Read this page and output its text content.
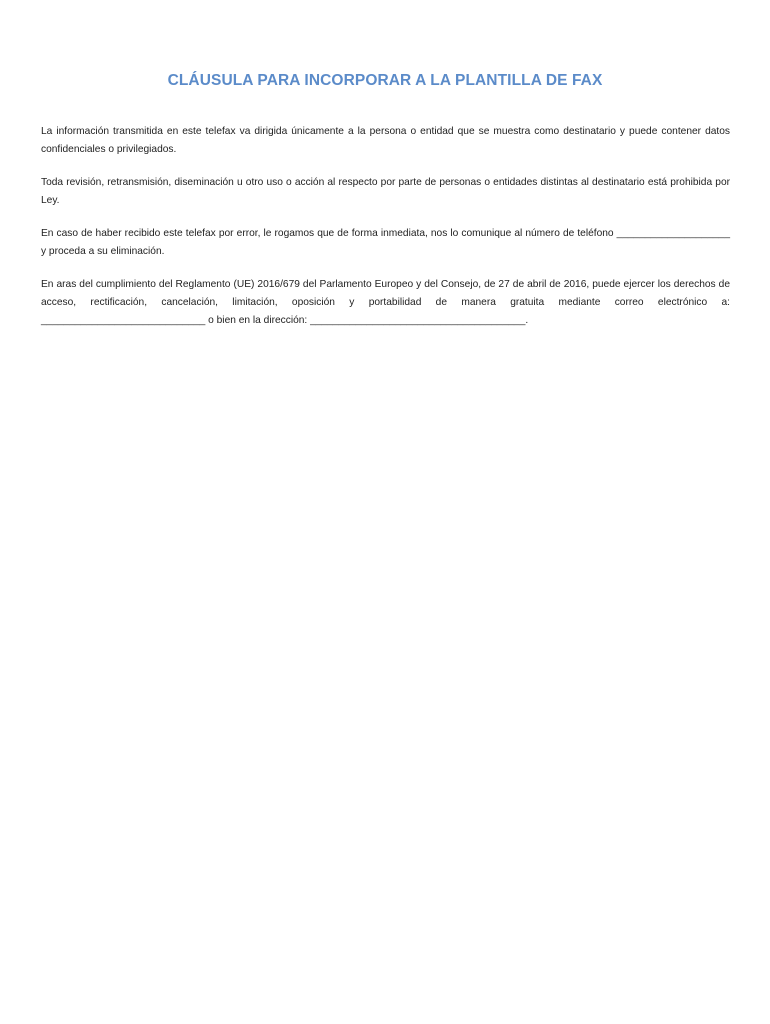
CLÁUSULA PARA INCORPORAR A LA PLANTILLA DE FAX

La información transmitida en este telefax va dirigida únicamente a la persona o entidad que se muestra como destinatario y puede contener datos confidenciales o privilegiados.

Toda revisión, retransmisión, diseminación u otro uso o acción al respecto por parte de personas o entidades distintas al destinatario está prohibida por Ley.

En caso de haber recibido este telefax por error, le rogamos que de forma inmediata, nos lo comunique al número de teléfono ____________________ y proceda a su eliminación.

En aras del cumplimiento del Reglamento (UE) 2016/679 del Parlamento Europeo y del Consejo, de 27 de abril de 2016, puede ejercer los derechos de acceso, rectificación, cancelación, limitación, oposición y portabilidad de manera gratuita mediante correo electrónico a: _____________________________ o bien en la dirección: ______________________________________.
